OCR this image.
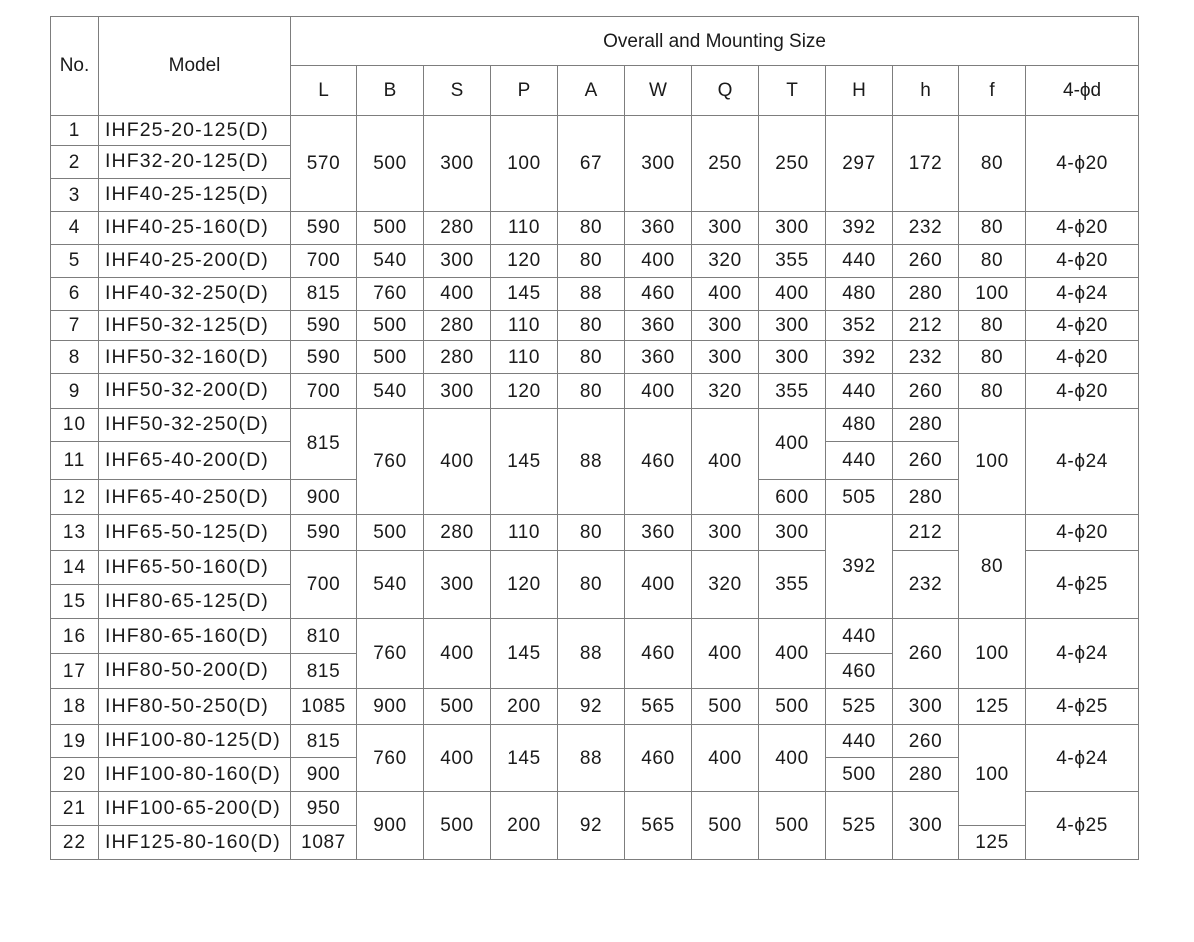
No.	Model	Overall and Mounting Size											
		L	B	S	P	A	W	Q	T	H	h	f	4-ϕd
1	IHF25-20-125(D)	570	500	300	100	67	300	250	250	297	172	80	4-ϕ20
2	IHF32-20-125(D)												
3	IHF40-25-125(D)												
4	IHF40-25-160(D)	590	500	280	110	80	360	300	300	392	232	80	4-ϕ20
5	IHF40-25-200(D)	700	540	300	120	80	400	320	355	440	260	80	4-ϕ20
6	IHF40-32-250(D)	815	760	400	145	88	460	400	400	480	280	100	4-ϕ24
7	IHF50-32-125(D)	590	500	280	110	80	360	300	300	352	212	80	4-ϕ20
8	IHF50-32-160(D)	590	500	280	110	80	360	300	300	392	232	80	4-ϕ20
9	IHF50-32-200(D)	700	540	300	120	80	400	320	355	440	260	80	4-ϕ20
10	IHF50-32-250(D)	815	760	400	145	88	460	400	400	480	280	100	4-ϕ24
11	IHF65-40-200(D)									440	260		
12	IHF65-40-250(D)	900							600	505	280		
13	IHF65-50-125(D)	590	500	280	110	80	360	300	300	392	212	80	4-ϕ20
14	IHF65-50-160(D)	700	540	300	120	80	400	320	355		232		4-ϕ25
15	IHF80-65-125(D)												
16	IHF80-65-160(D)	810	760	400	145	88	460	400	400	440	260	100	4-ϕ24
17	IHF80-50-200(D)	815								460			
18	IHF80-50-250(D)	1085	900	500	200	92	565	500	500	525	300	125	4-ϕ25
19	IHF100-80-125(D)	815	760	400	145	88	460	400	400	440	260	100	4-ϕ24
20	IHF100-80-160(D)	900								500	280		
21	IHF100-65-200(D)	950	900	500	200	92	565	500	500	525	300		4-ϕ25
22	IHF125-80-160(D)	1087										125	
